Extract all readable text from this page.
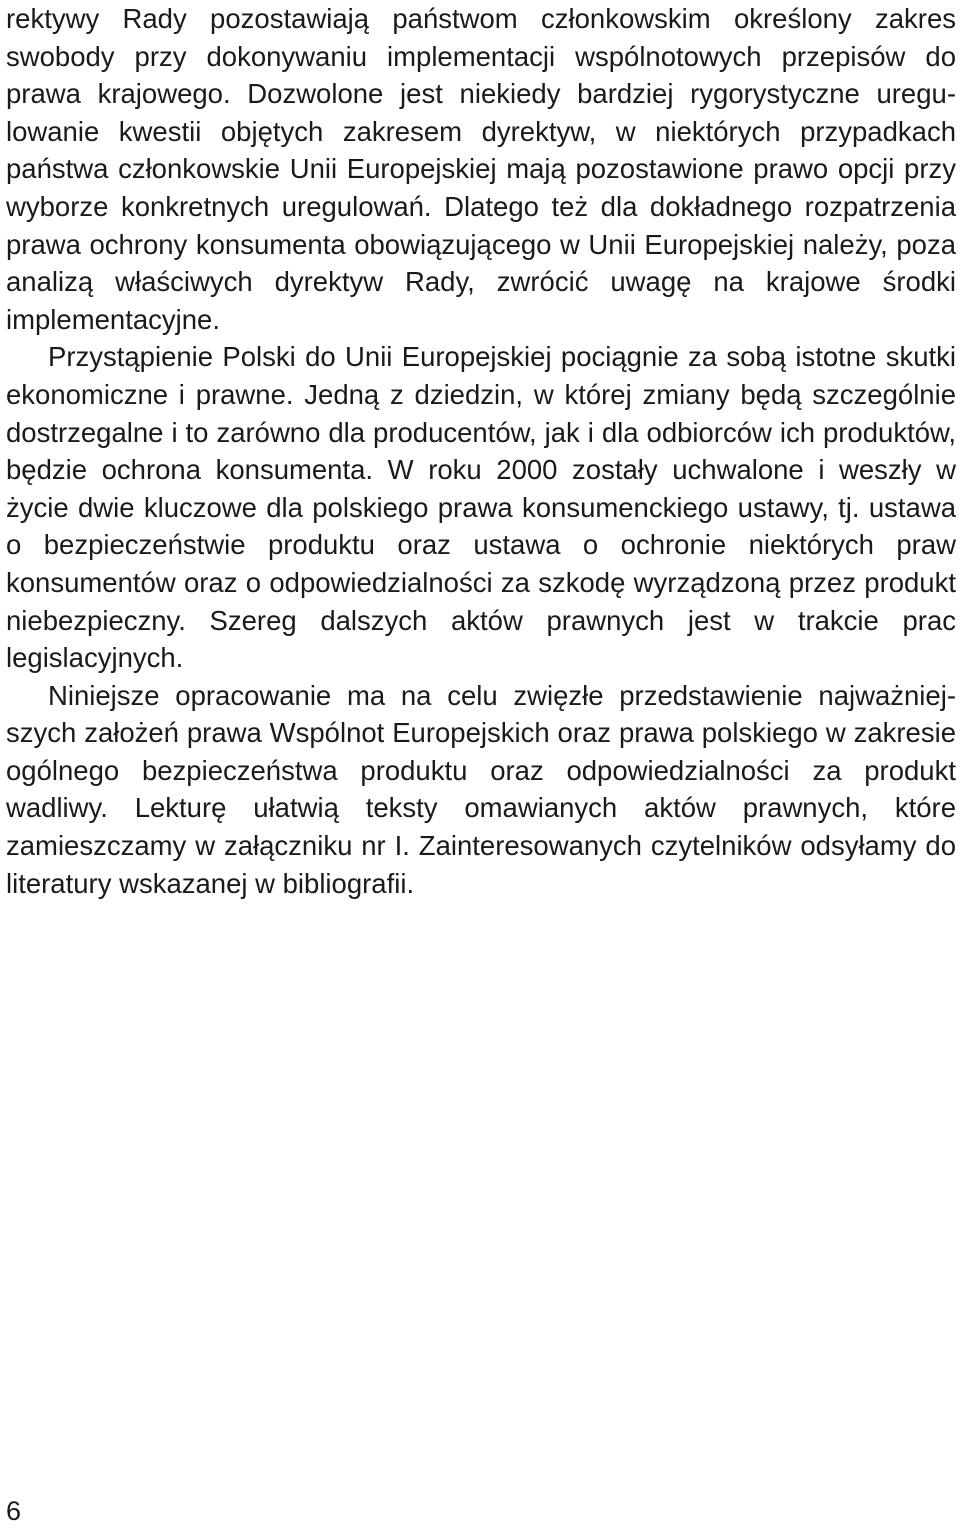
rektywy Rady pozostawiają państwom członkowskim określony zakres swobody przy dokonywaniu implementacji wspólnotowych przepisów do prawa krajowego. Dozwolone jest niekiedy bardziej rygorystyczne uregulowanie kwestii objętych zakresem dyrektyw, w niektórych przypadkach państwa członkowskie Unii Europejskiej mają pozostawione prawo opcji przy wyborze konkretnych uregulowań. Dlatego też dla dokładnego rozpatrzenia prawa ochrony konsumenta obowiązującego w Unii Europejskiej należy, poza analizą właściwych dyrektyw Rady, zwrócić uwagę na krajowe środki implementacyjne.

Przystąpienie Polski do Unii Europejskiej pociągnie za sobą istotne skutki ekonomiczne i prawne. Jedną z dziedzin, w której zmiany będą szczególnie dostrzegalne i to zarówno dla producentów, jak i dla odbiorców ich produktów, będzie ochrona konsumenta. W roku 2000 zostały uchwalone i weszły w życie dwie kluczowe dla polskiego prawa konsumenckiego ustawy, tj. ustawa o bezpieczeństwie produktu oraz ustawa o ochronie niektórych praw konsumentów oraz o odpowiedzialności za szkodę wyrządzoną przez produkt niebezpieczny. Szereg dalszych aktów prawnych jest w trakcie prac legislacyjnych.

Niniejsze opracowanie ma na celu zwięzłe przedstawienie najważniejszych założeń prawa Wspólnot Europejskich oraz prawa polskiego w zakresie ogólnego bezpieczeństwa produktu oraz odpowiedzialności za produkt wadliwy. Lekturę ułatwią teksty omawianych aktów prawnych, które zamieszczamy w załączniku nr I. Zainteresowanych czytelników odsyłamy do literatury wskazanej w bibliografii.

6
